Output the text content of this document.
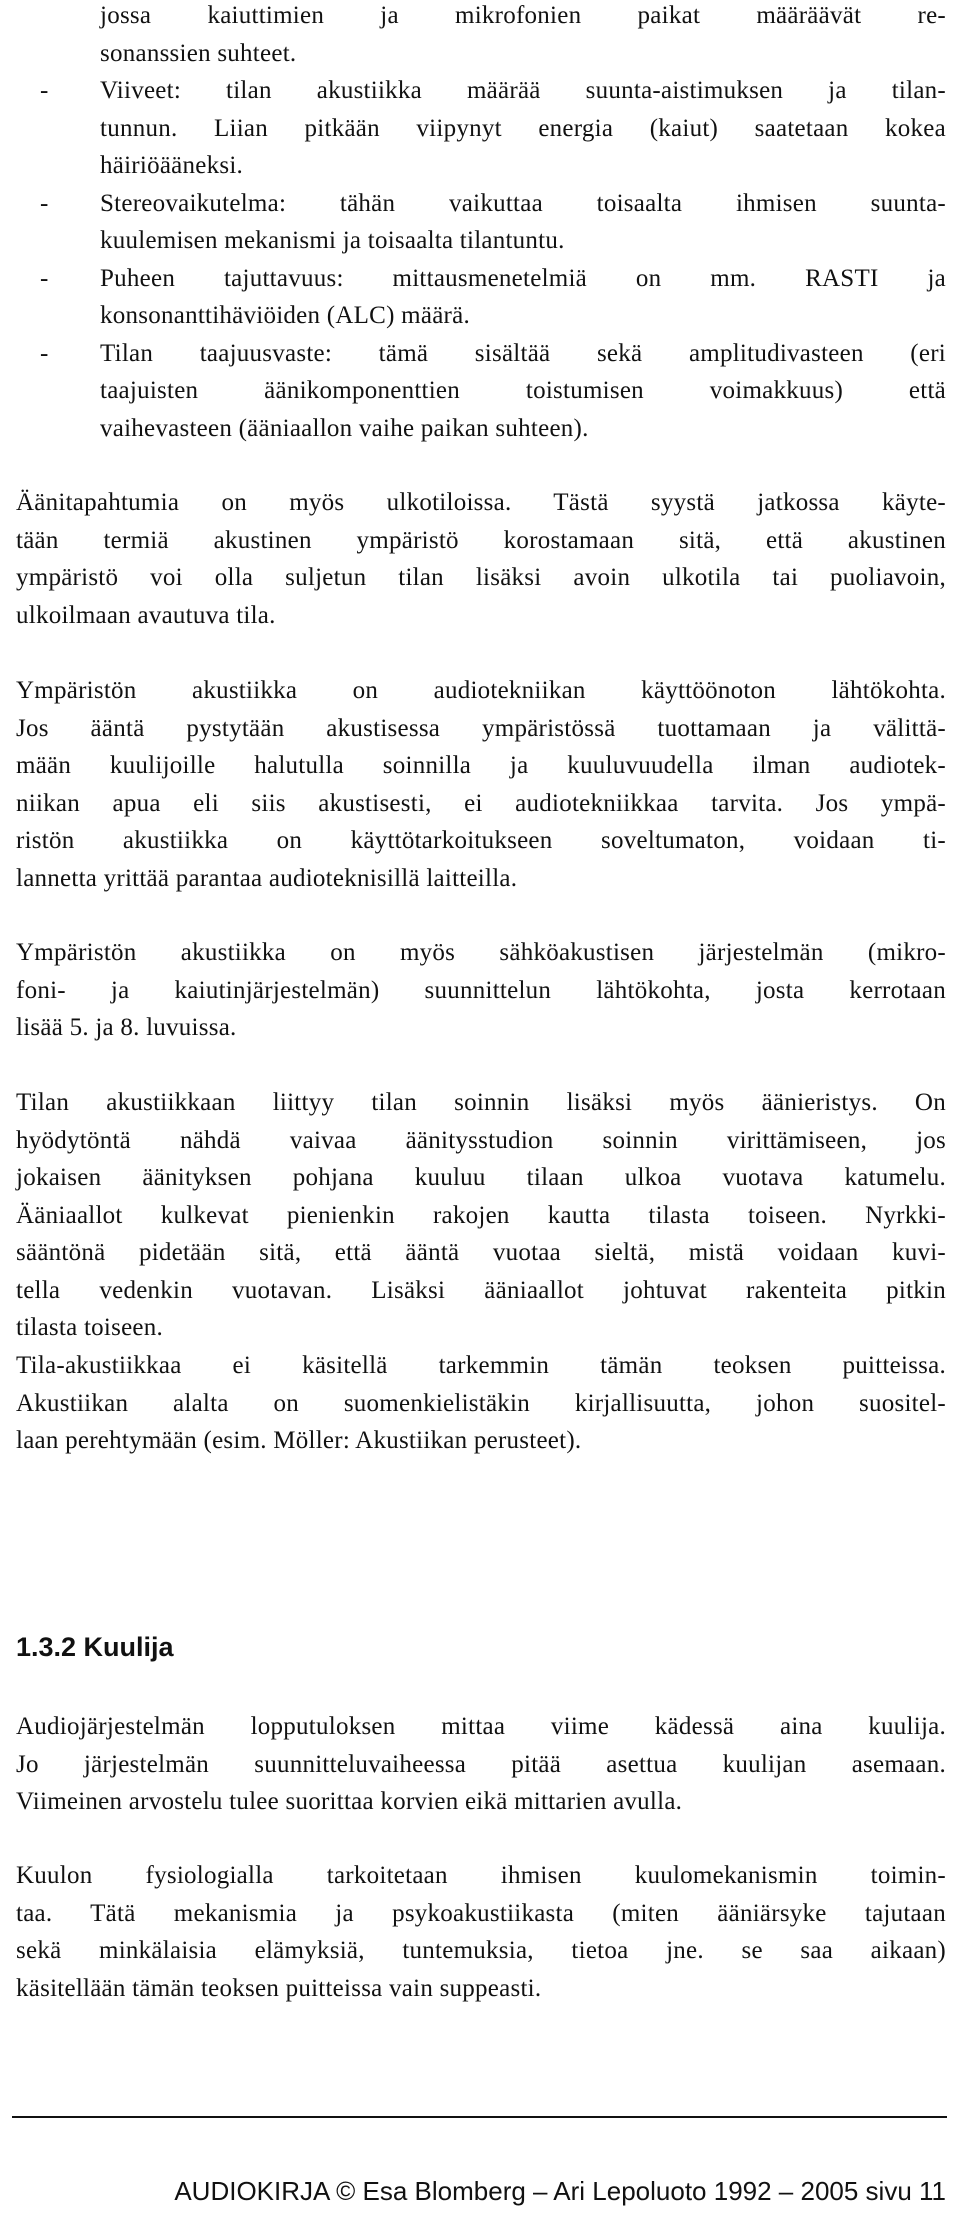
jossa kaiuttimien ja mikrofonien paikat määräävät re-
sonanssien suhteet.
- Viiveet: tilan akustiikka määrää suunta-aistimuksen ja tilan-
tunnun. Liian pitkään viipynyt energia (kaiut) saatetaan kokea
häiriöääneksi.
- Stereovaikutelma: tähän vaikuttaa toisaalta ihmisen suunta-
kuulemisen mekanismi ja toisaalta tilantuntu.
- Puheen tajuttavuus: mittausmenetelmiä on mm. RASTI ja
konsonanttihäviöiden (ALC) määrä.
- Tilan taajuusvaste: tämä sisältää sekä amplitudivasteen (eri
taajuisten äänikomponenttien toistumisen voimakkuus) että
vaihevasteen (ääniaallon vaihe paikan suhteen).
Äänitapahtumia on myös ulkotiloissa. Tästä syystä jatkossa käyte-
tään termiä akustinen ympäristö korostamaan sitä, että akustinen
ympäristö voi olla suljetun tilan lisäksi avoin ulkotila tai puoliavoin,
ulkoilmaan avautuva tila.
Ympäristön akustiikka on audiotekniikan käyttöönoton lähtökohta.
Jos ääntä pystytään akustisessa ympäristössä tuottamaan ja välittä-
mään kuulijoille halutulla soinnilla ja kuuluvuudella ilman audiotek-
niikan apua eli siis akustisesti, ei audiotekniikkaa tarvita. Jos ympä-
ristön akustiikka on käyttötarkoitukseen soveltumaton, voidaan ti-
lannetta yrittää parantaa audioteknisillä laitteilla.
Ympäristön akustiikka on myös sähköakustisen järjestelmän (mikro-
foni- ja kaiutinjärjestelmän) suunnittelun lähtökohta, josta kerrotaan
lisää 5. ja 8. luvuissa.
Tilan akustiikkaan liittyy tilan soinnin lisäksi myös äänieristys. On
hyödytöntä nähdä vaivaa äänitysstudion soinnin virittämiseen, jos
jokaisen äänityksen pohjana kuuluu tilaan ulkoa vuotava katumelu.
Ääniaallot kulkevat pienienkin rakojen kautta tilasta toiseen. Nyrkki-
sääntönä pidetään sitä, että ääntä vuotaa sieltä, mistä voidaan kuvi-
tella vedenkin vuotavan. Lisäksi ääniaallot johtuvat rakenteita pitkin
tilasta toiseen.
Tila-akustiikkaa ei käsitellä tarkemmin tämän teoksen puitteissa.
Akustiikan alalta on suomenkielistäkin kirjallisuutta, johon suositel-
laan perehtymään (esim. Möller: Akustiikan perusteet).
Audiojärjestelmän lopputuloksen mittaa viime kädessä aina kuulija.
Jo järjestelmän suunnitteluvaiheessa pitää asettua kuulijan asemaan.
Viimeinen arvostelu tulee suorittaa korvien eikä mittarien avulla.
Kuulon fysiologialla tarkoitetaan ihmisen kuulomekanismin toimin-
taa. Tätä mekanismia ja psykoakustiikasta (miten ääniärsyke tajutaan
sekä minkälaisia elämyksiä, tuntemuksia, tietoa jne. se saa aikaan)
käsitellään tämän teoksen puitteissa vain suppeasti.
1.3.2 Kuulija
AUDIOKIRJA © Esa Blomberg – Ari Lepoluoto 1992 – 2005 sivu 11
